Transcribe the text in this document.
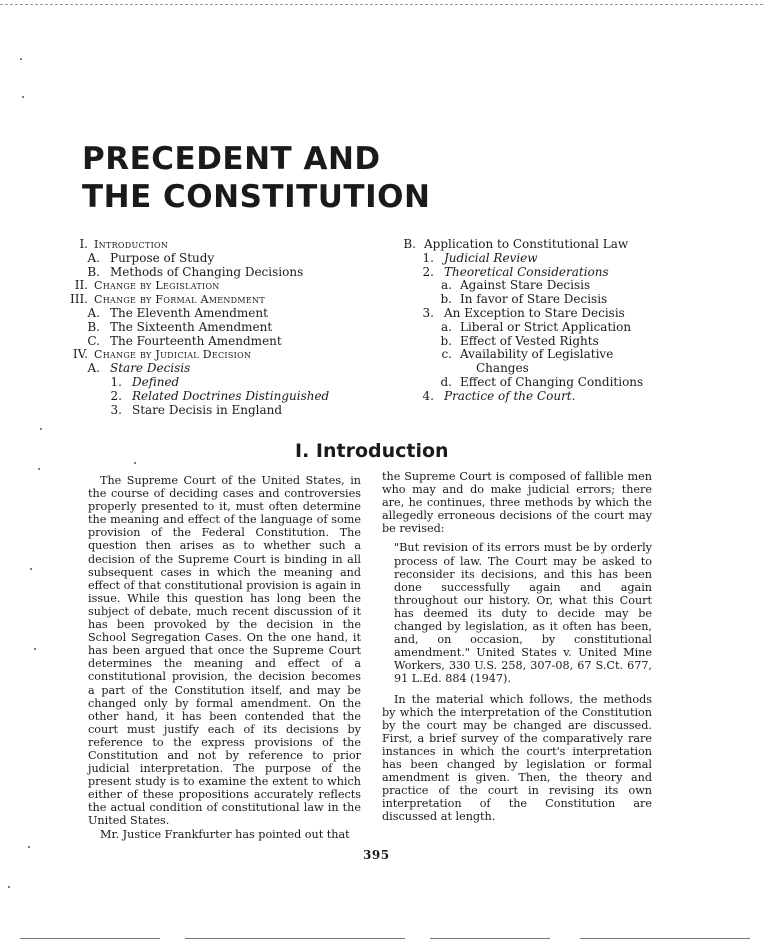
PRECEDENT AND
THE CONSTITUTION
I. Introduction
A. Purpose of Study
B. Methods of Changing Decisions
II. Change by Legislation
III. Change by Formal Amendment
A. The Eleventh Amendment
B. The Sixteenth Amendment
C. The Fourteenth Amendment
IV. Change by Judicial Decision
A. Stare Decisis
1. Defined
2. Related Doctrines Distinguished
3. Stare Decisis in England
B. Application to Constitutional Law
1. Judicial Review
2. Theoretical Considerations
a. Against Stare Decisis
b. In favor of Stare Decisis
3. An Exception to Stare Decisis
a. Liberal or Strict Application
b. Effect of Vested Rights
c. Availability of Legislative
Changes
d. Effect of Changing Conditions
4. Practice of the Court.
I. Introduction

The Supreme Court of the United States, in the course of deciding cases and controversies properly presented to it, must often determine the meaning and effect of the language of some provision of the Federal Constitution. The question then arises as to whether such a decision of the Supreme Court is binding in all subsequent cases in which the meaning and effect of that constitutional provision is again in issue. While this question has long been the subject of debate, much recent discussion of it has been provoked by the decision in the School Segregation Cases. On the one hand, it has been argued that once the Supreme Court determines the meaning and effect of a constitutional provision, the decision becomes a part of the Constitution itself, and may be changed only by formal amendment. On the other hand, it has been contended that the court must justify each of its decisions by reference to the express provisions of the Constitution and not by reference to prior judicial interpretation. The purpose of the present study is to examine the extent to which either of these propositions accurately reflects the actual condition of constitutional law in the United States.

Mr. Justice Frankfurter has pointed out that

the Supreme Court is composed of fallible men who may and do make judicial errors; there are, he continues, three methods by which the allegedly erroneous decisions of the court may be revised:

"But revision of its errors must be by orderly process of law. The Court may be asked to reconsider its decisions, and this has been done successfully again and again throughout our history. Or, what this Court has deemed its duty to decide may be changed by legislation, as it often has been, and, on occasion, by constitutional amendment." United States v. United Mine Workers, 330 U.S. 258, 307-08, 67 S.Ct. 677, 91 L.Ed. 884 (1947).

In the material which follows, the methods by which the interpretation of the Constitution by the court may be changed are discussed. First, a brief survey of the comparatively rare instances in which the court's interpretation has been changed by legislation or formal amendment is given. Then, the theory and practice of the court in revising its own interpretation of the Constitution are discussed at length.

395
